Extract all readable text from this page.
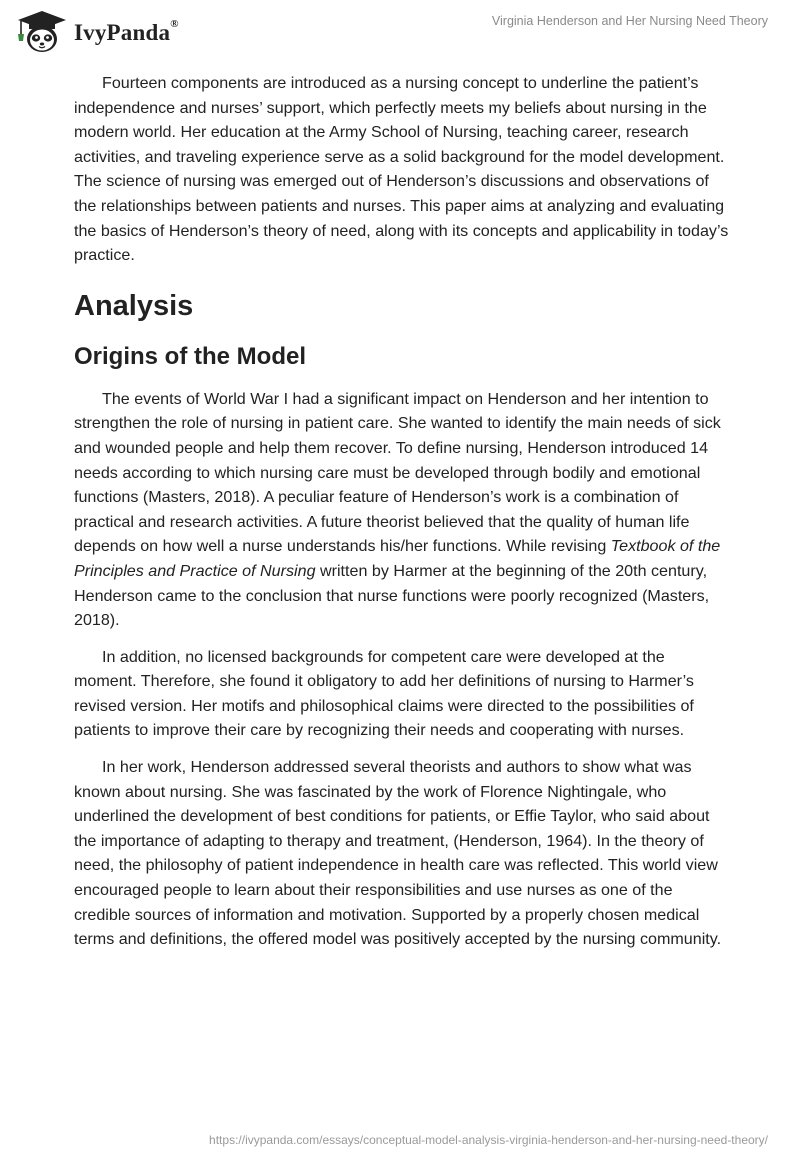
IvyPanda®	Virginia Henderson and Her Nursing Need Theory

Fourteen components are introduced as a nursing concept to underline the patient’s independence and nurses’ support, which perfectly meets my beliefs about nursing in the modern world. Her education at the Army School of Nursing, teaching career, research activities, and traveling experience serve as a solid background for the model development. The science of nursing was emerged out of Henderson’s discussions and observations of the relationships between patients and nurses. This paper aims at analyzing and evaluating the basics of Henderson’s theory of need, along with its concepts and applicability in today’s practice.

Analysis
Origins of the Model

The events of World War I had a significant impact on Henderson and her intention to strengthen the role of nursing in patient care. She wanted to identify the main needs of sick and wounded people and help them recover. To define nursing, Henderson introduced 14 needs according to which nursing care must be developed through bodily and emotional functions (Masters, 2018). A peculiar feature of Henderson’s work is a combination of practical and research activities. A future theorist believed that the quality of human life depends on how well a nurse understands his/her functions. While revising Textbook of the Principles and Practice of Nursing written by Harmer at the beginning of the 20th century, Henderson came to the conclusion that nurse functions were poorly recognized (Masters, 2018).

In addition, no licensed backgrounds for competent care were developed at the moment. Therefore, she found it obligatory to add her definitions of nursing to Harmer’s revised version. Her motifs and philosophical claims were directed to the possibilities of patients to improve their care by recognizing their needs and cooperating with nurses.

In her work, Henderson addressed several theorists and authors to show what was known about nursing. She was fascinated by the work of Florence Nightingale, who underlined the development of best conditions for patients, or Effie Taylor, who said about the importance of adapting to therapy and treatment, (Henderson, 1964). In the theory of need, the philosophy of patient independence in health care was reflected. This world view encouraged people to learn about their responsibilities and use nurses as one of the credible sources of information and motivation. Supported by a properly chosen medical terms and definitions, the offered model was positively accepted by the nursing community.

https://ivypanda.com/essays/conceptual-model-analysis-virginia-henderson-and-her-nursing-need-theory/
